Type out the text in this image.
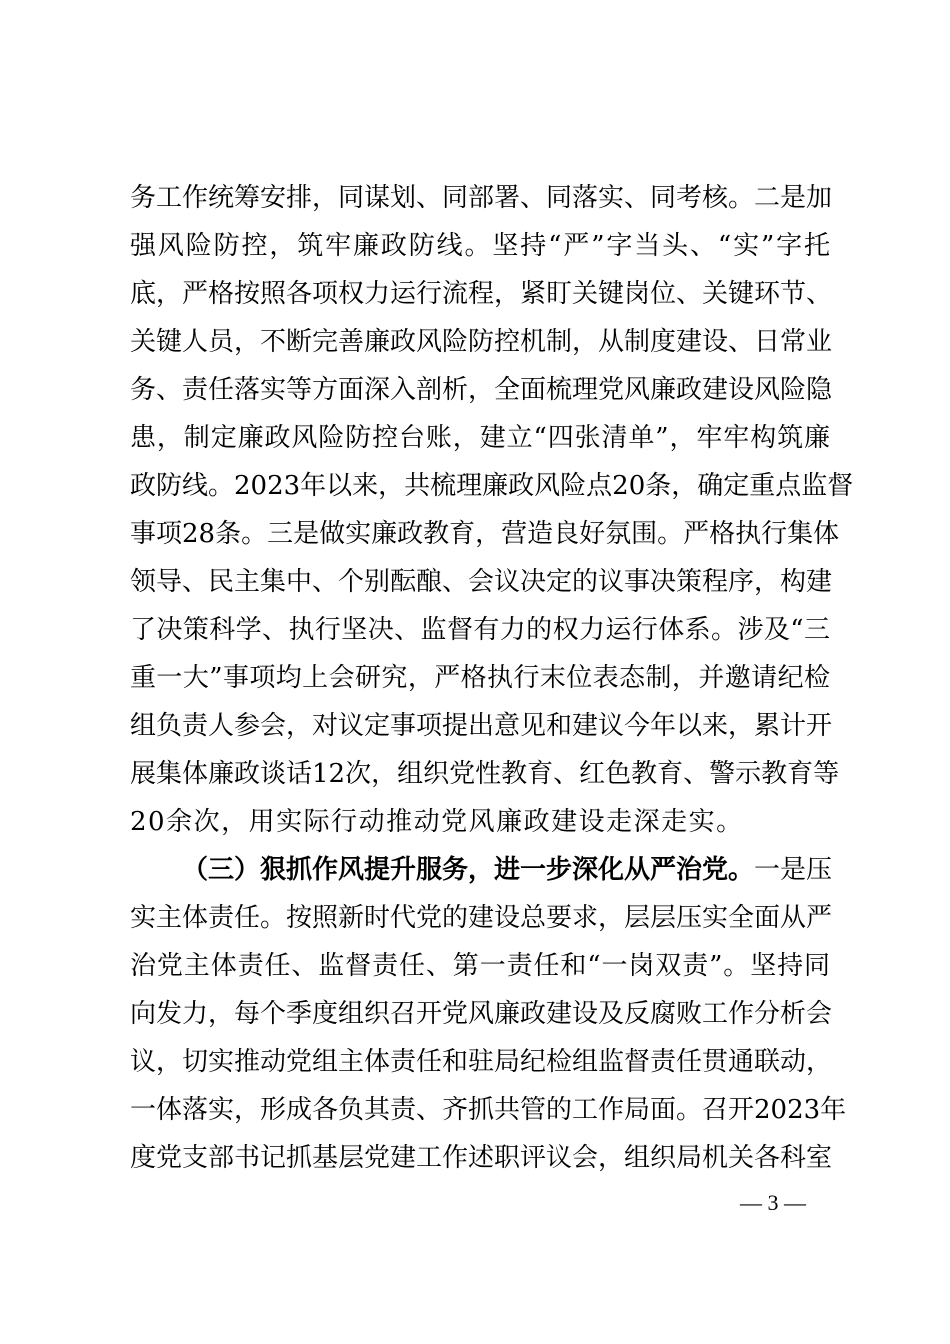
务工作统筹安排，同谋划、同部署、同落实、同考核。二是加
强风险防控，筑牢廉政防线。坚持“严”字当头、“实”字托
底，严格按照各项权力运行流程，紧盯关键岗位、关键环节、
关键人员，不断完善廉政风险防控机制，从制度建设、日常业
务、责任落实等方面深入剖析，全面梳理党风廉政建设风险隐
患，制定廉政风险防控台账，建立“四张清单”，牢牢构筑廉
政防线。2023年以来，共梳理廉政风险点20条，确定重点监督
事项28条。三是做实廉政教育，营造良好氛围。严格执行集体
领导、民主集中、个别酝酿、会议决定的议事决策程序，构建
了决策科学、执行坚决、监督有力的权力运行体系。涉及“三
重一大”事项均上会研究，严格执行末位表态制，并邀请纪检
组负责人参会，对议定事项提出意见和建议今年以来，累计开
展集体廉政谈话12次，组织党性教育、红色教育、警示教育等
20余次，用实际行动推动党风廉政建设走深走实。
（三）狠抓作风提升服务，进一步深化从严治党。一是压
实主体责任。按照新时代党的建设总要求，层层压实全面从严
治党主体责任、监督责任、第一责任和“一岗双责”。坚持同
向发力，每个季度组织召开党风廉政建设及反腐败工作分析会
议，切实推动党组主体责任和驻局纪检组监督责任贯通联动，
一体落实，形成各负其责、齐抓共管的工作局面。召开2023年
度党支部书记抓基层党建工作述职评议会，组织局机关各科室
— 3 —
